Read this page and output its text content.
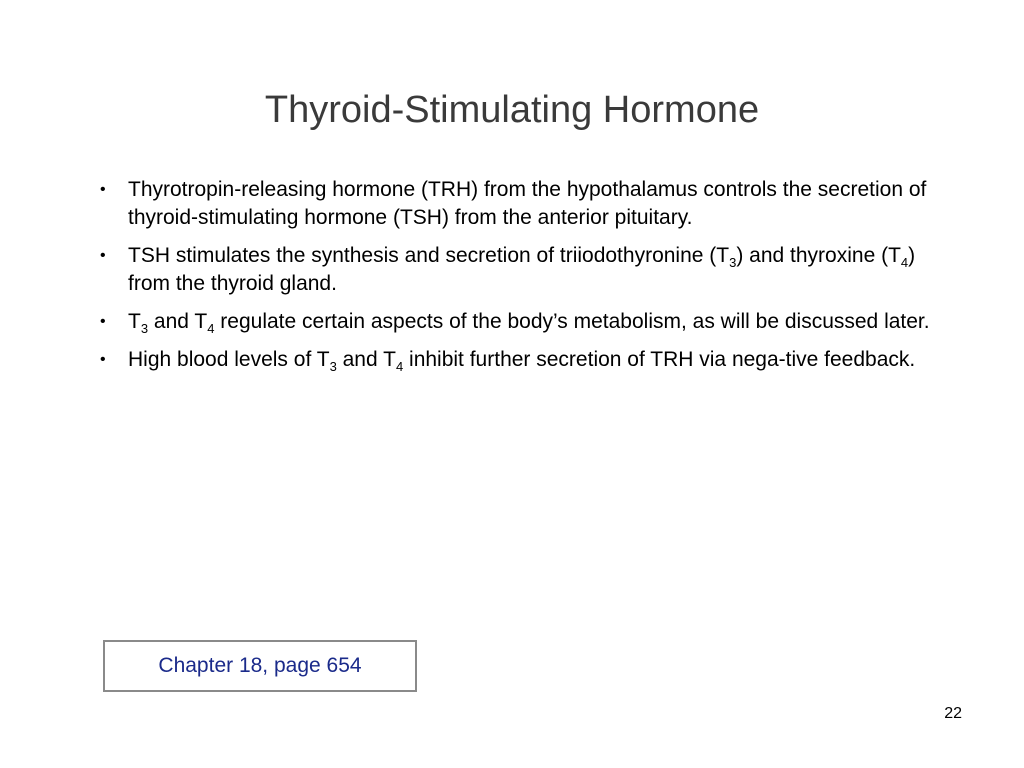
Thyroid-Stimulating Hormone
•	Thyrotropin-releasing hormone (TRH) from the hypothalamus controls the secretion of thyroid-stimulating hormone (TSH) from the anterior pituitary.
•	TSH stimulates the synthesis and secretion of triiodothyronine $(T_3)$ and thyroxine $(T_4)$ from the thyroid gland.
•	$T_3$ and $T_4$ regulate certain aspects of the body’s metabolism, as will be discussed later.
•	High blood levels of $T_3$ and $T_4$ inhibit further secretion of TRH via nega-tive feedback.
Chapter 18, page 654
22
